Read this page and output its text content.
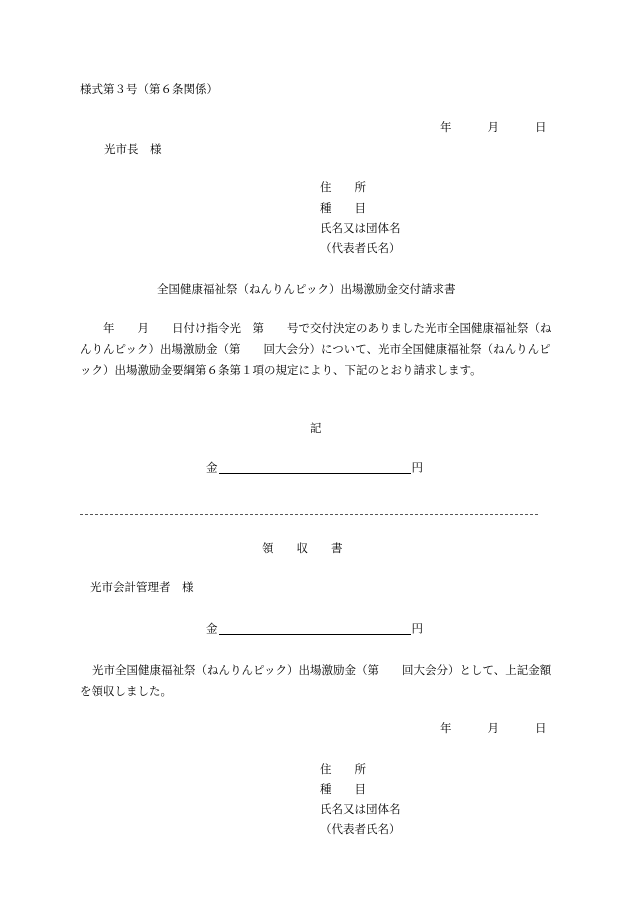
様式第３号（第６条関係）
年	月	日
光市長　様
住　　所
種　　目
氏名又は団体名
（代表者氏名）
全国健康福祉祭（ねんりんピック）出場激励金交付請求書
　　年　　月　　日付け指令光　第　　号で交付決定のありました光市全国健康福祉祭（ねんりんピック）出場激励金（第　　回大会分）について、光市全国健康福祉祭（ねんりんピック）出場激励金要綱第６条第１項の規定により、下記のとおり請求します。
記
金	円
領　　収　　書
光市会計管理者　様
金	円
光市全国健康福祉祭（ねんりんピック）出場激励金（第　　回大会分）として、上記金額を領収しました。
年	月	日
住　　所
種　　目
氏名又は団体名
（代表者氏名）
